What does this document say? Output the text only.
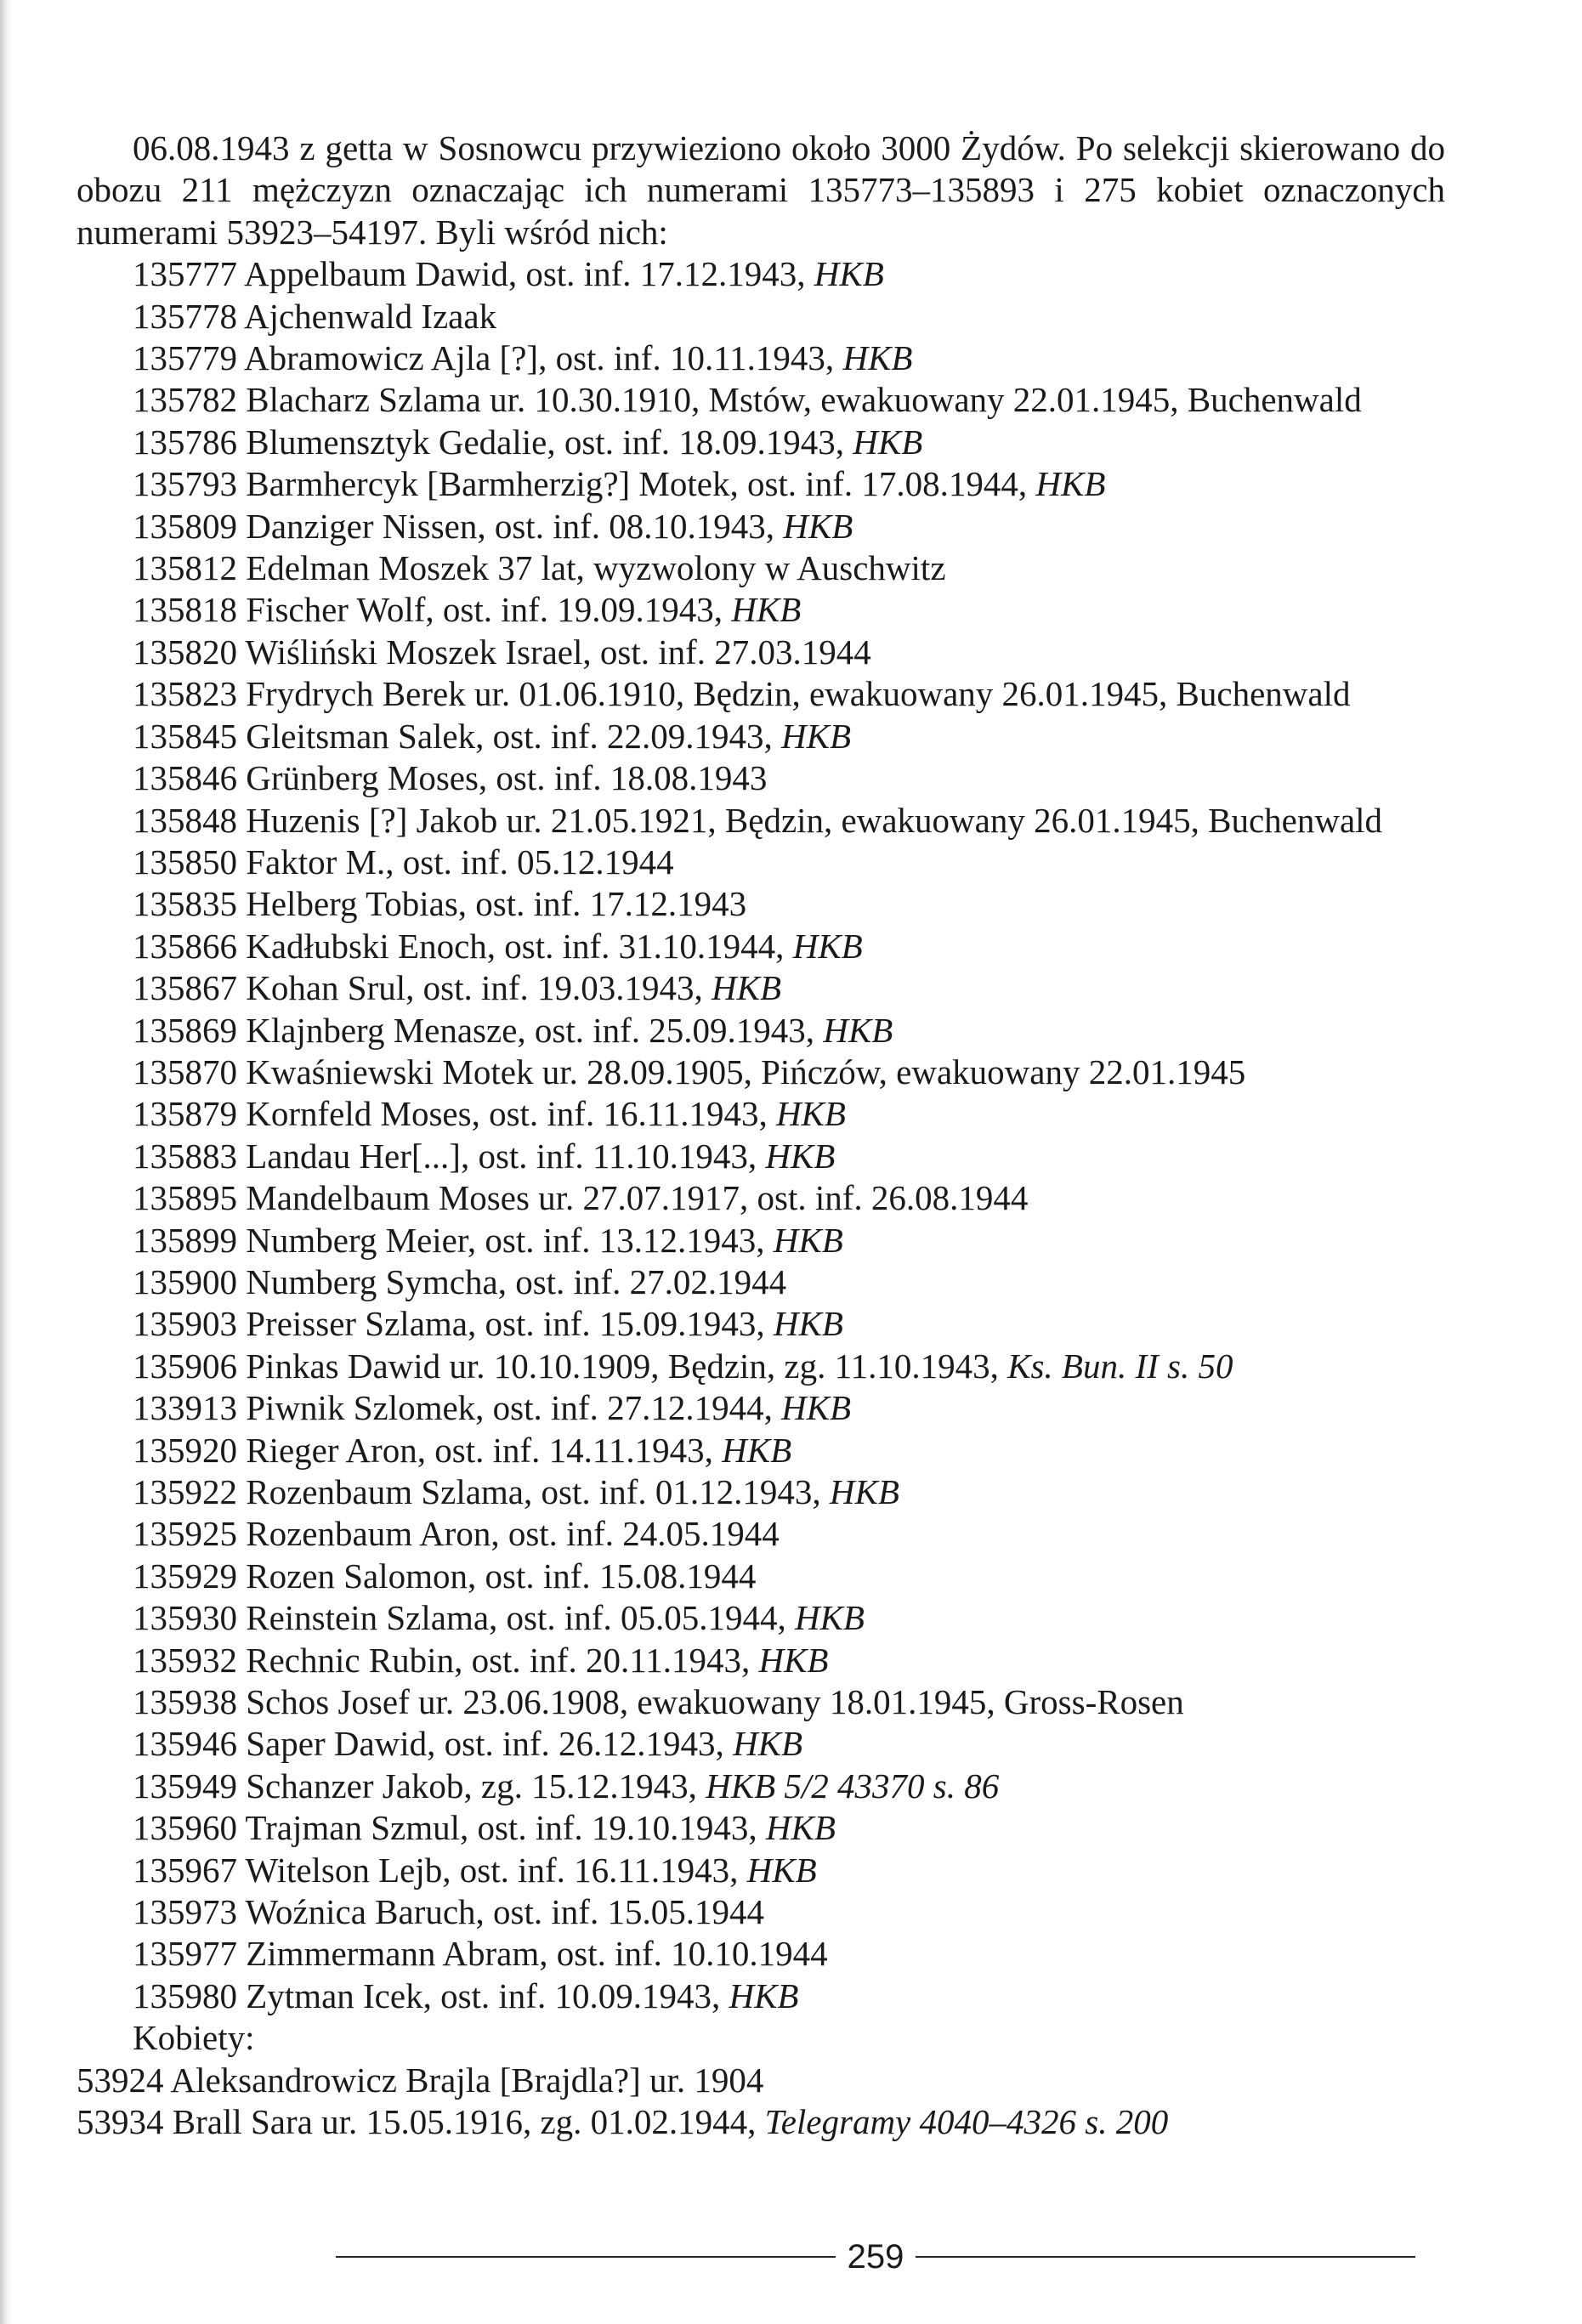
06.08.1943 z getta w Sosnowcu przywieziono około 3000 Żydów. Po selekcji skierowano do obozu 211 mężczyzn oznaczając ich numerami 135773–135893 i 275 kobiet oznaczonych numerami 53923–54197. Byli wśród nich:

135777 Appelbaum Dawid, ost. inf. 17.12.1943, HKB

135778 Ajchenwald Izaak

135779 Abramowicz Ajla [?], ost. inf. 10.11.1943, HKB

135782 Blacharz Szlama ur. 10.30.1910, Mstów, ewakuowany 22.01.1945, Buchenwald

135786 Blumensztyk Gedalie, ost. inf. 18.09.1943, HKB

135793 Barmhercyk [Barmherzig?] Motek, ost. inf. 17.08.1944, HKB

135809 Danziger Nissen, ost. inf. 08.10.1943, HKB

135812 Edelman Moszek 37 lat, wyzwolony w Auschwitz

135818 Fischer Wolf, ost. inf. 19.09.1943, HKB

135820 Wiśliński Moszek Israel, ost. inf. 27.03.1944

135823 Frydrych Berek ur. 01.06.1910, Będzin, ewakuowany 26.01.1945, Buchenwald

135845 Gleitsman Salek, ost. inf. 22.09.1943, HKB

135846 Grünberg Moses, ost. inf. 18.08.1943

135848 Huzenis [?] Jakob ur. 21.05.1921, Będzin, ewakuowany 26.01.1945, Buchenwald

135850 Faktor M., ost. inf. 05.12.1944

135835 Helberg Tobias, ost. inf. 17.12.1943

135866 Kadłubski Enoch, ost. inf. 31.10.1944, HKB

135867 Kohan Srul, ost. inf. 19.03.1943, HKB

135869 Klajnberg Menasze, ost. inf. 25.09.1943, HKB

135870 Kwaśniewski Motek ur. 28.09.1905, Pińczów, ewakuowany 22.01.1945

135879 Kornfeld Moses, ost. inf. 16.11.1943, HKB

135883 Landau Her[...], ost. inf. 11.10.1943, HKB

135895 Mandelbaum Moses ur. 27.07.1917, ost. inf. 26.08.1944

135899 Numberg Meier, ost. inf. 13.12.1943, HKB

135900 Numberg Symcha, ost. inf. 27.02.1944

135903 Preisser Szlama, ost. inf. 15.09.1943, HKB

135906 Pinkas Dawid ur. 10.10.1909, Będzin, zg. 11.10.1943, Ks. Bun. II s. 50

133913 Piwnik Szlomek, ost. inf. 27.12.1944, HKB

135920 Rieger Aron, ost. inf. 14.11.1943, HKB

135922 Rozenbaum Szlama, ost. inf. 01.12.1943, HKB

135925 Rozenbaum Aron, ost. inf. 24.05.1944

135929 Rozen Salomon, ost. inf. 15.08.1944

135930 Reinstein Szlama, ost. inf. 05.05.1944, HKB

135932 Rechnic Rubin, ost. inf. 20.11.1943, HKB

135938 Schos Josef ur. 23.06.1908, ewakuowany 18.01.1945, Gross-Rosen

135946 Saper Dawid, ost. inf. 26.12.1943, HKB

135949 Schanzer Jakob, zg. 15.12.1943, HKB 5/2 43370 s. 86

135960 Trajman Szmul, ost. inf. 19.10.1943, HKB

135967 Witelson Lejb, ost. inf. 16.11.1943, HKB

135973 Woźnica Baruch, ost. inf. 15.05.1944

135977 Zimmermann Abram, ost. inf. 10.10.1944

135980 Zytman Icek, ost. inf. 10.09.1943, HKB

Kobiety:

53924 Aleksandrowicz Brajla [Brajdla?] ur. 1904

53934 Brall Sara ur. 15.05.1916, zg. 01.02.1944, Telegramy 4040–4326 s. 200

259
